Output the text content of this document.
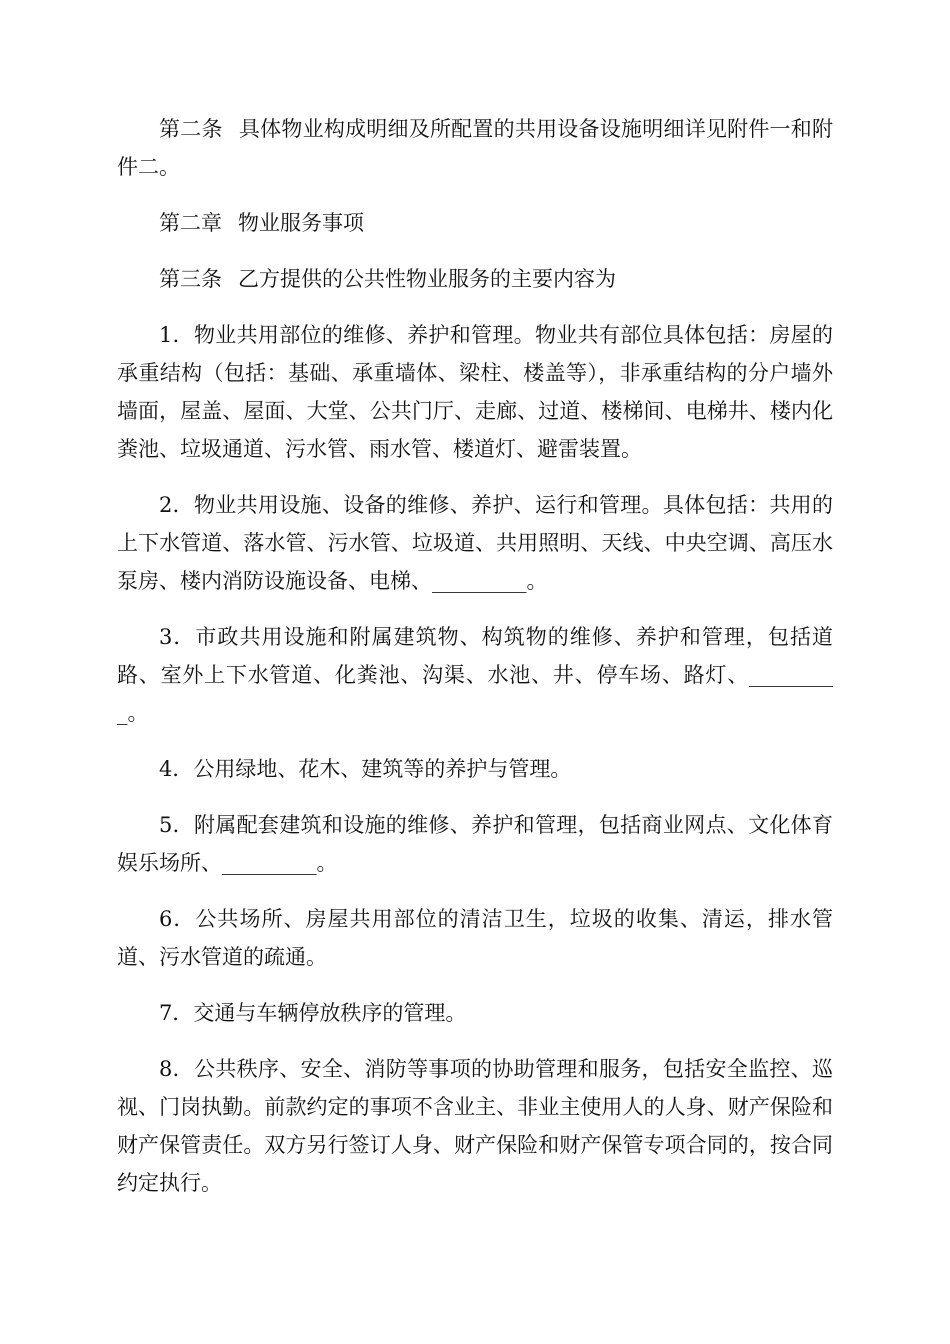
第二条 具体物业构成明细及所配置的共用设备设施明细详见附件一和附件二。

第二章 物业服务事项

第三条 乙方提供的公共性物业服务的主要内容为

1．物业共用部位的维修、养护和管理。物业共有部位具体包括：房屋的承重结构（包括：基础、承重墙体、梁柱、楼盖等），非承重结构的分户墙外墙面，屋盖、屋面、大堂、公共门厅、走廊、过道、楼梯间、电梯井、楼内化粪池、垃圾通道、污水管、雨水管、楼道灯、避雷装置。

2．物业共用设施、设备的维修、养护、运行和管理。具体包括：共用的上下水管道、落水管、污水管、垃圾道、共用照明、天线、中央空调、高压水泵房、楼内消防设施设备、电梯、_________。

3．市政共用设施和附属建筑物、构筑物的维修、养护和管理，包括道路、室外上下水管道、化粪池、沟渠、水池、井、停车场、路灯、_________。

4．公用绿地、花木、建筑等的养护与管理。

5．附属配套建筑和设施的维修、养护和管理，包括商业网点、文化体育娱乐场所、_________。

6．公共场所、房屋共用部位的清洁卫生，垃圾的收集、清运，排水管道、污水管道的疏通。

7．交通与车辆停放秩序的管理。

8．公共秩序、安全、消防等事项的协助管理和服务，包括安全监控、巡视、门岗执勤。前款约定的事项不含业主、非业主使用人的人身、财产保险和财产保管责任。双方另行签订人身、财产保险和财产保管专项合同的，按合同约定执行。
